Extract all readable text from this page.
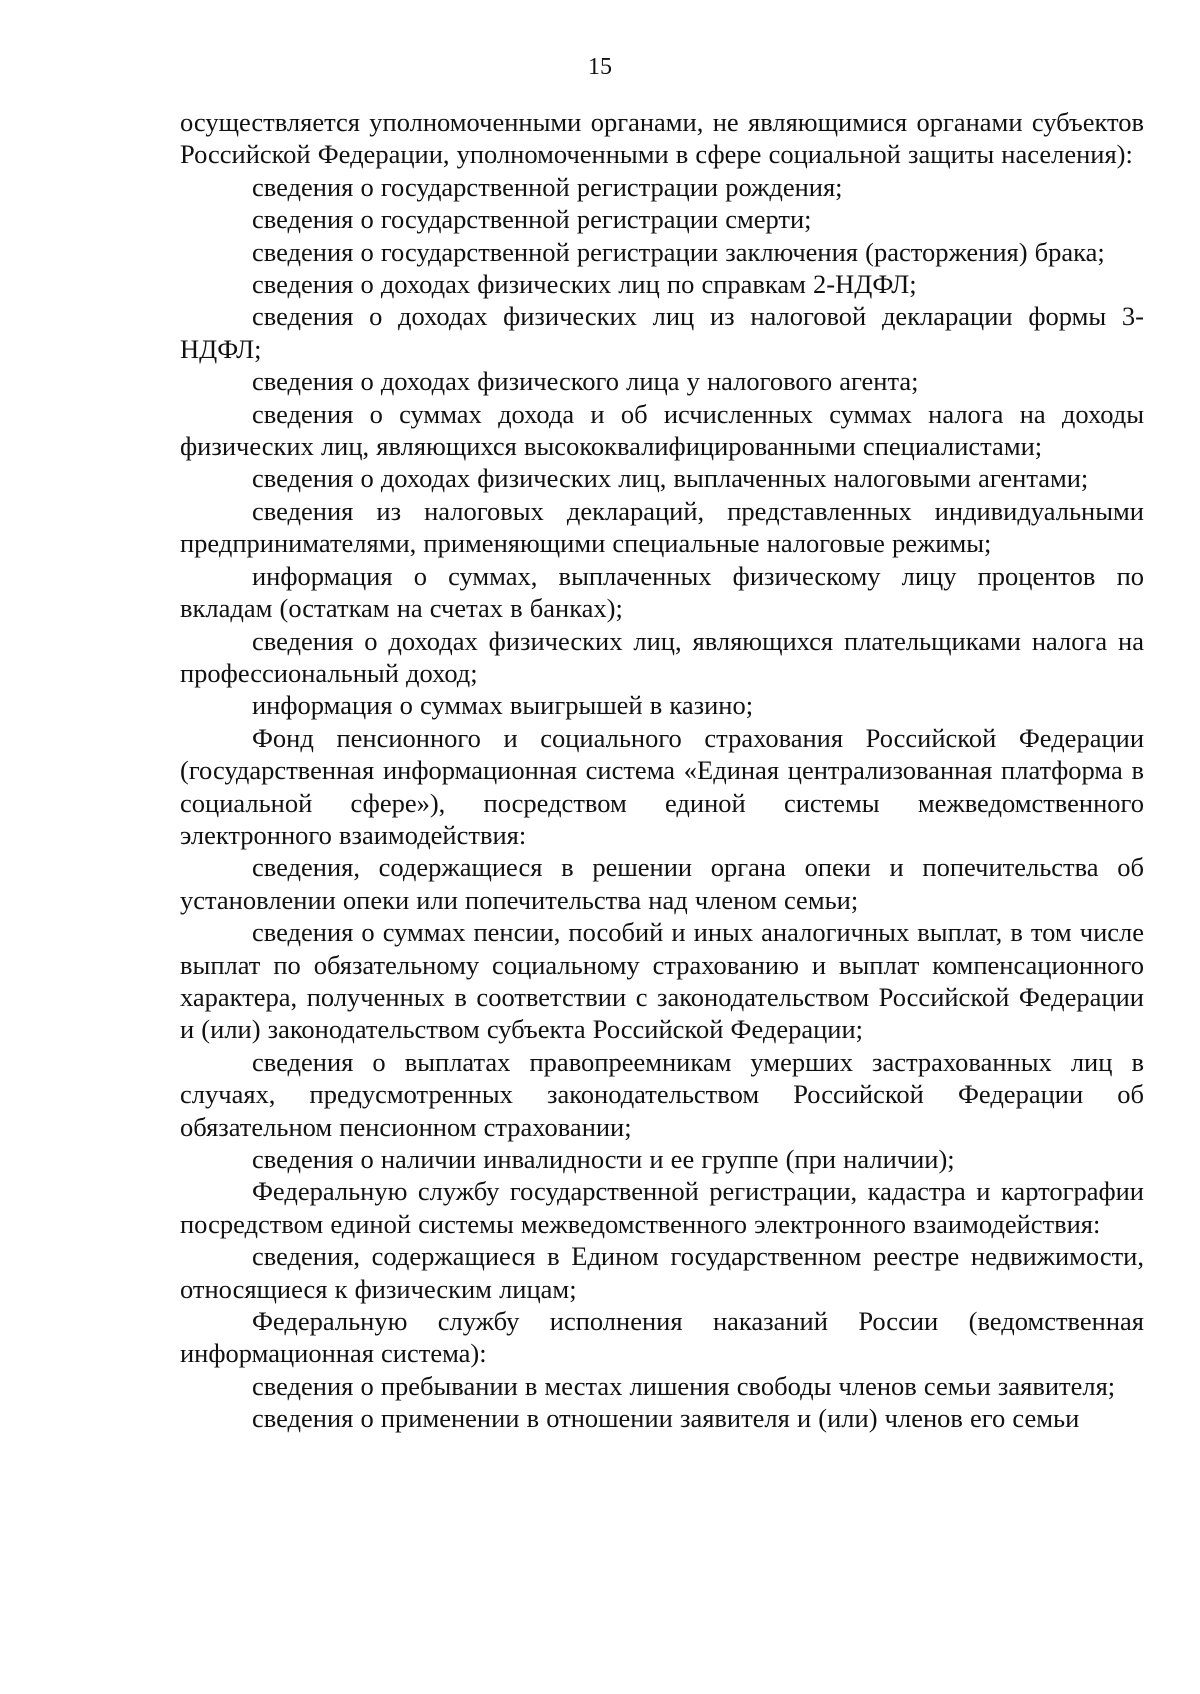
15

осуществляется уполномоченными органами, не являющимися органами субъектов Российской Федерации, уполномоченными в сфере социальной защиты населения):

сведения о государственной регистрации рождения;

сведения о государственной регистрации смерти;

сведения о государственной регистрации заключения (расторжения) брака;

сведения о доходах физических лиц по справкам 2-НДФЛ;

сведения о доходах физических лиц из налоговой декларации формы 3-НДФЛ;

сведения о доходах физического лица у налогового агента;

сведения о суммах дохода и об исчисленных суммах налога на доходы физических лиц, являющихся высококвалифицированными специалистами;

сведения о доходах физических лиц, выплаченных налоговыми агентами;

сведения из налоговых деклараций, представленных индивидуальными предпринимателями, применяющими специальные налоговые режимы;

информация о суммах, выплаченных физическому лицу процентов по вкладам (остаткам на счетах в банках);

сведения о доходах физических лиц, являющихся плательщиками налога на профессиональный доход;

информация о суммах выигрышей в казино;

Фонд пенсионного и социального страхования Российской Федерации (государственная информационная система «Единая централизованная платформа в социальной сфере»), посредством единой системы межведомственного электронного взаимодействия:

сведения, содержащиеся в решении органа опеки и попечительства об установлении опеки или попечительства над членом семьи;

сведения о суммах пенсии, пособий и иных аналогичных выплат, в том числе выплат по обязательному социальному страхованию и выплат компенсационного характера, полученных в соответствии с законодательством Российской Федерации и (или) законодательством субъекта Российской Федерации;

сведения о выплатах правопреемникам умерших застрахованных лиц в случаях, предусмотренных законодательством Российской Федерации об обязательном пенсионном страховании;

сведения о наличии инвалидности и ее группе (при наличии);

Федеральную службу государственной регистрации, кадастра и картографии посредством единой системы межведомственного электронного взаимодействия:

сведения, содержащиеся в Едином государственном реестре недвижимости, относящиеся к физическим лицам;

Федеральную службу исполнения наказаний России (ведомственная информационная система):

сведения о пребывании в местах лишения свободы членов семьи заявителя;

сведения о применении в отношении заявителя и (или) членов его семьи
